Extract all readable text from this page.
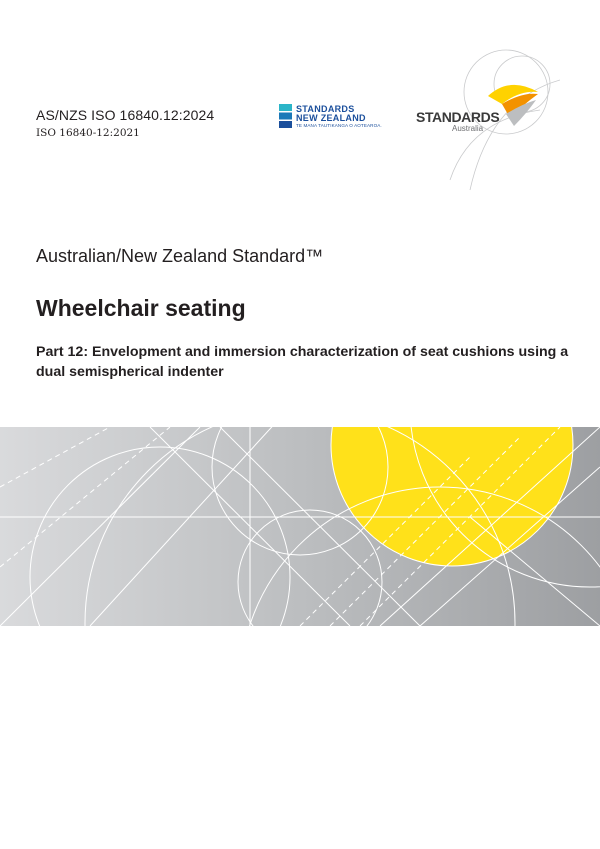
AS/NZS ISO 16840.12:2024
ISO 16840-12:2021
STANDARDS
NEW ZEALAND
TE MANA TAUTIKANGA O AOTEAROA.
STANDARDS
Australia
Australian/New Zealand Standard™
Wheelchair seating
Part 12: Envelopment and immersion characterization of seat cushions using a dual semispherical indenter
